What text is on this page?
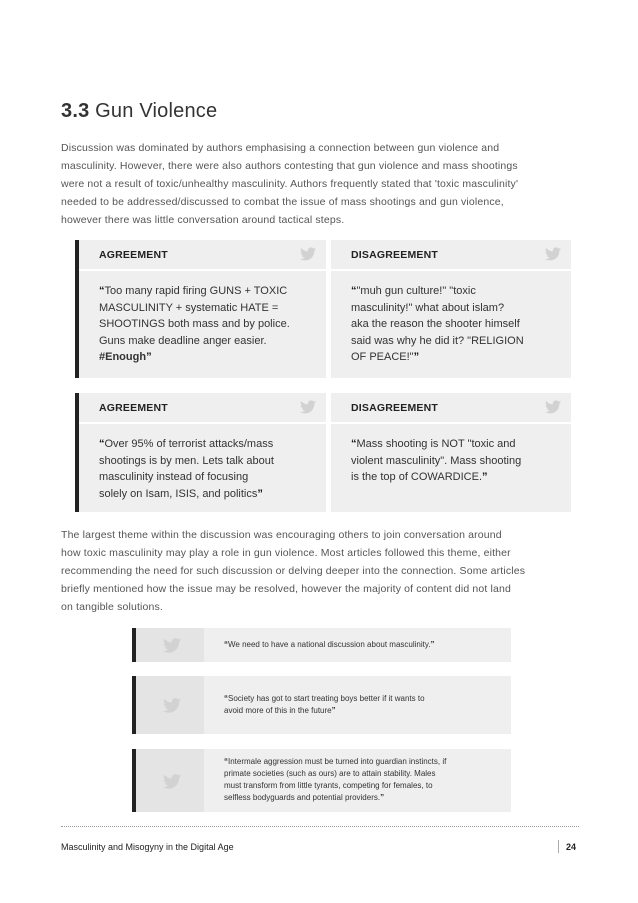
3.3 Gun Violence
Discussion was dominated by authors emphasising a connection between gun violence and
masculinity. However, there were also authors contesting that gun violence and mass shootings
were not a result of toxic/unhealthy masculinity. Authors frequently stated that 'toxic masculinity'
needed to be addressed/discussed to combat the issue of mass shootings and gun violence,
however there was little conversation around tactical steps.
AGREEMENT
“Too many rapid firing GUNS + TOXIC
MASCULINITY + systematic HATE =
SHOOTINGS both mass and by police.
Guns make deadline anger easier.
#Enough”
DISAGREEMENT
“"muh gun culture!" "toxic
masculinity!" what about islam?
aka the reason the shooter himself
said was why he did it? "RELIGION
OF PEACE!"”
AGREEMENT
“Over 95% of terrorist attacks/mass
shootings is by men. Lets talk about
masculinity instead of focusing
solely on Isam, ISIS, and politics”
DISAGREEMENT
“Mass shooting is NOT "toxic and
violent masculinity". Mass shooting
is the top of COWARDICE.”
The largest theme within the discussion was encouraging others to join conversation around
how toxic masculinity may play a role in gun violence. Most articles followed this theme, either
recommending the need for such discussion or delving deeper into the connection. Some articles
briefly mentioned how the issue may be resolved, however the majority of content did not land
on tangible solutions.
“We need to have a national discussion about masculinity.”
“Society has got to start treating boys better if it wants to
avoid more of this in the future”
“Intermale aggression must be turned into guardian instincts, if
primate societies (such as ours) are to attain stability. Males
must transform from little tyrants, competing for females, to
selfless bodyguards and potential providers.”
Masculinity and Misogyny in the Digital Age	24
